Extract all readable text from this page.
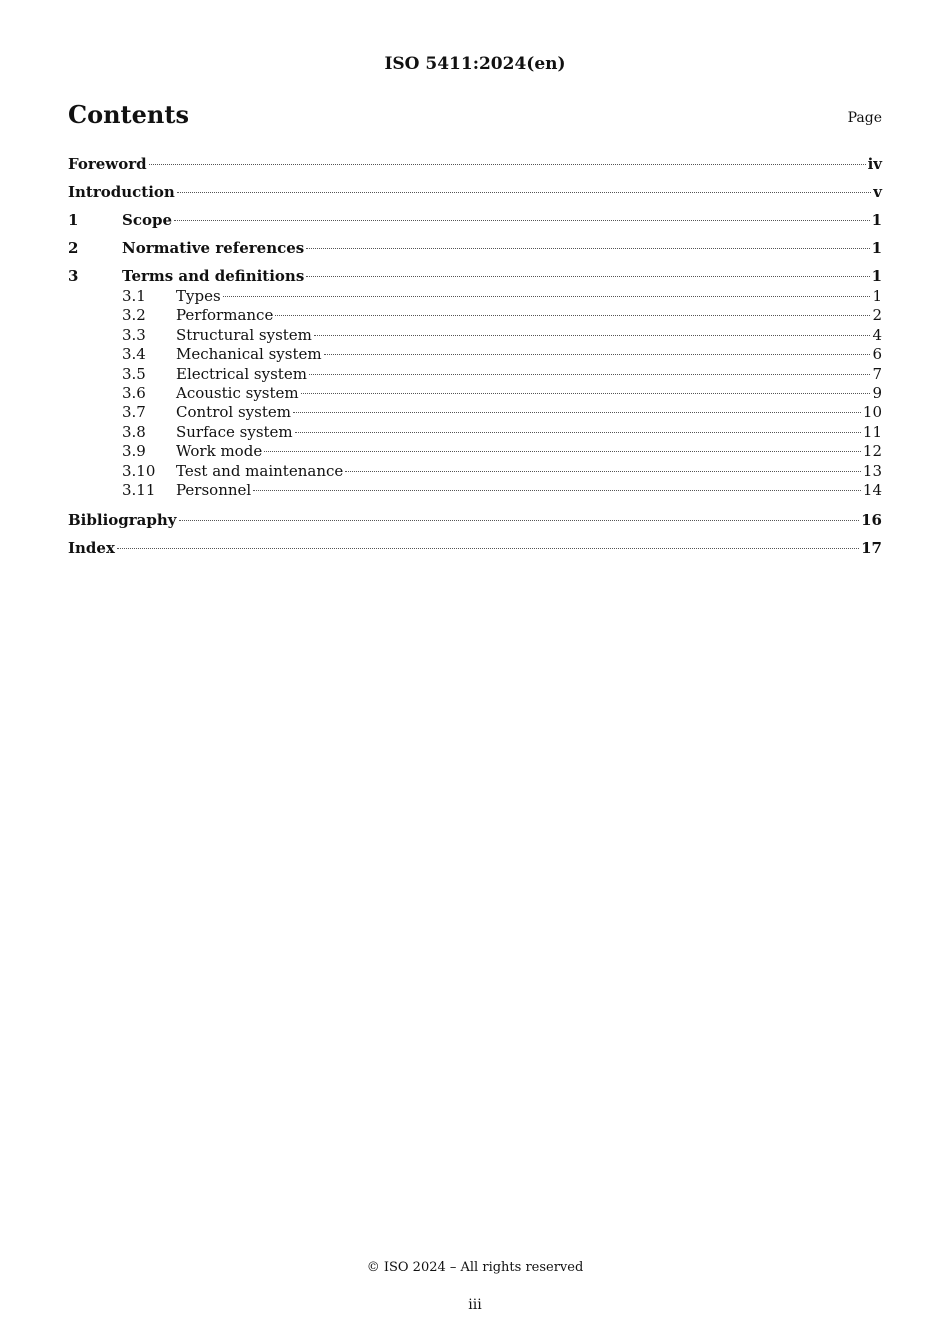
ISO 5411:2024(en)
Contents	Page
Foreword	iv
Introduction	v
1	Scope	1
2	Normative references	1
3	Terms and definitions	1
3.1	Types	1
3.2	Performance	2
3.3	Structural system	4
3.4	Mechanical system	6
3.5	Electrical system	7
3.6	Acoustic system	9
3.7	Control system	10
3.8	Surface system	11
3.9	Work mode	12
3.10	Test and maintenance	13
3.11	Personnel	14
Bibliography	16
Index	17
© ISO 2024 – All rights reserved
iii
